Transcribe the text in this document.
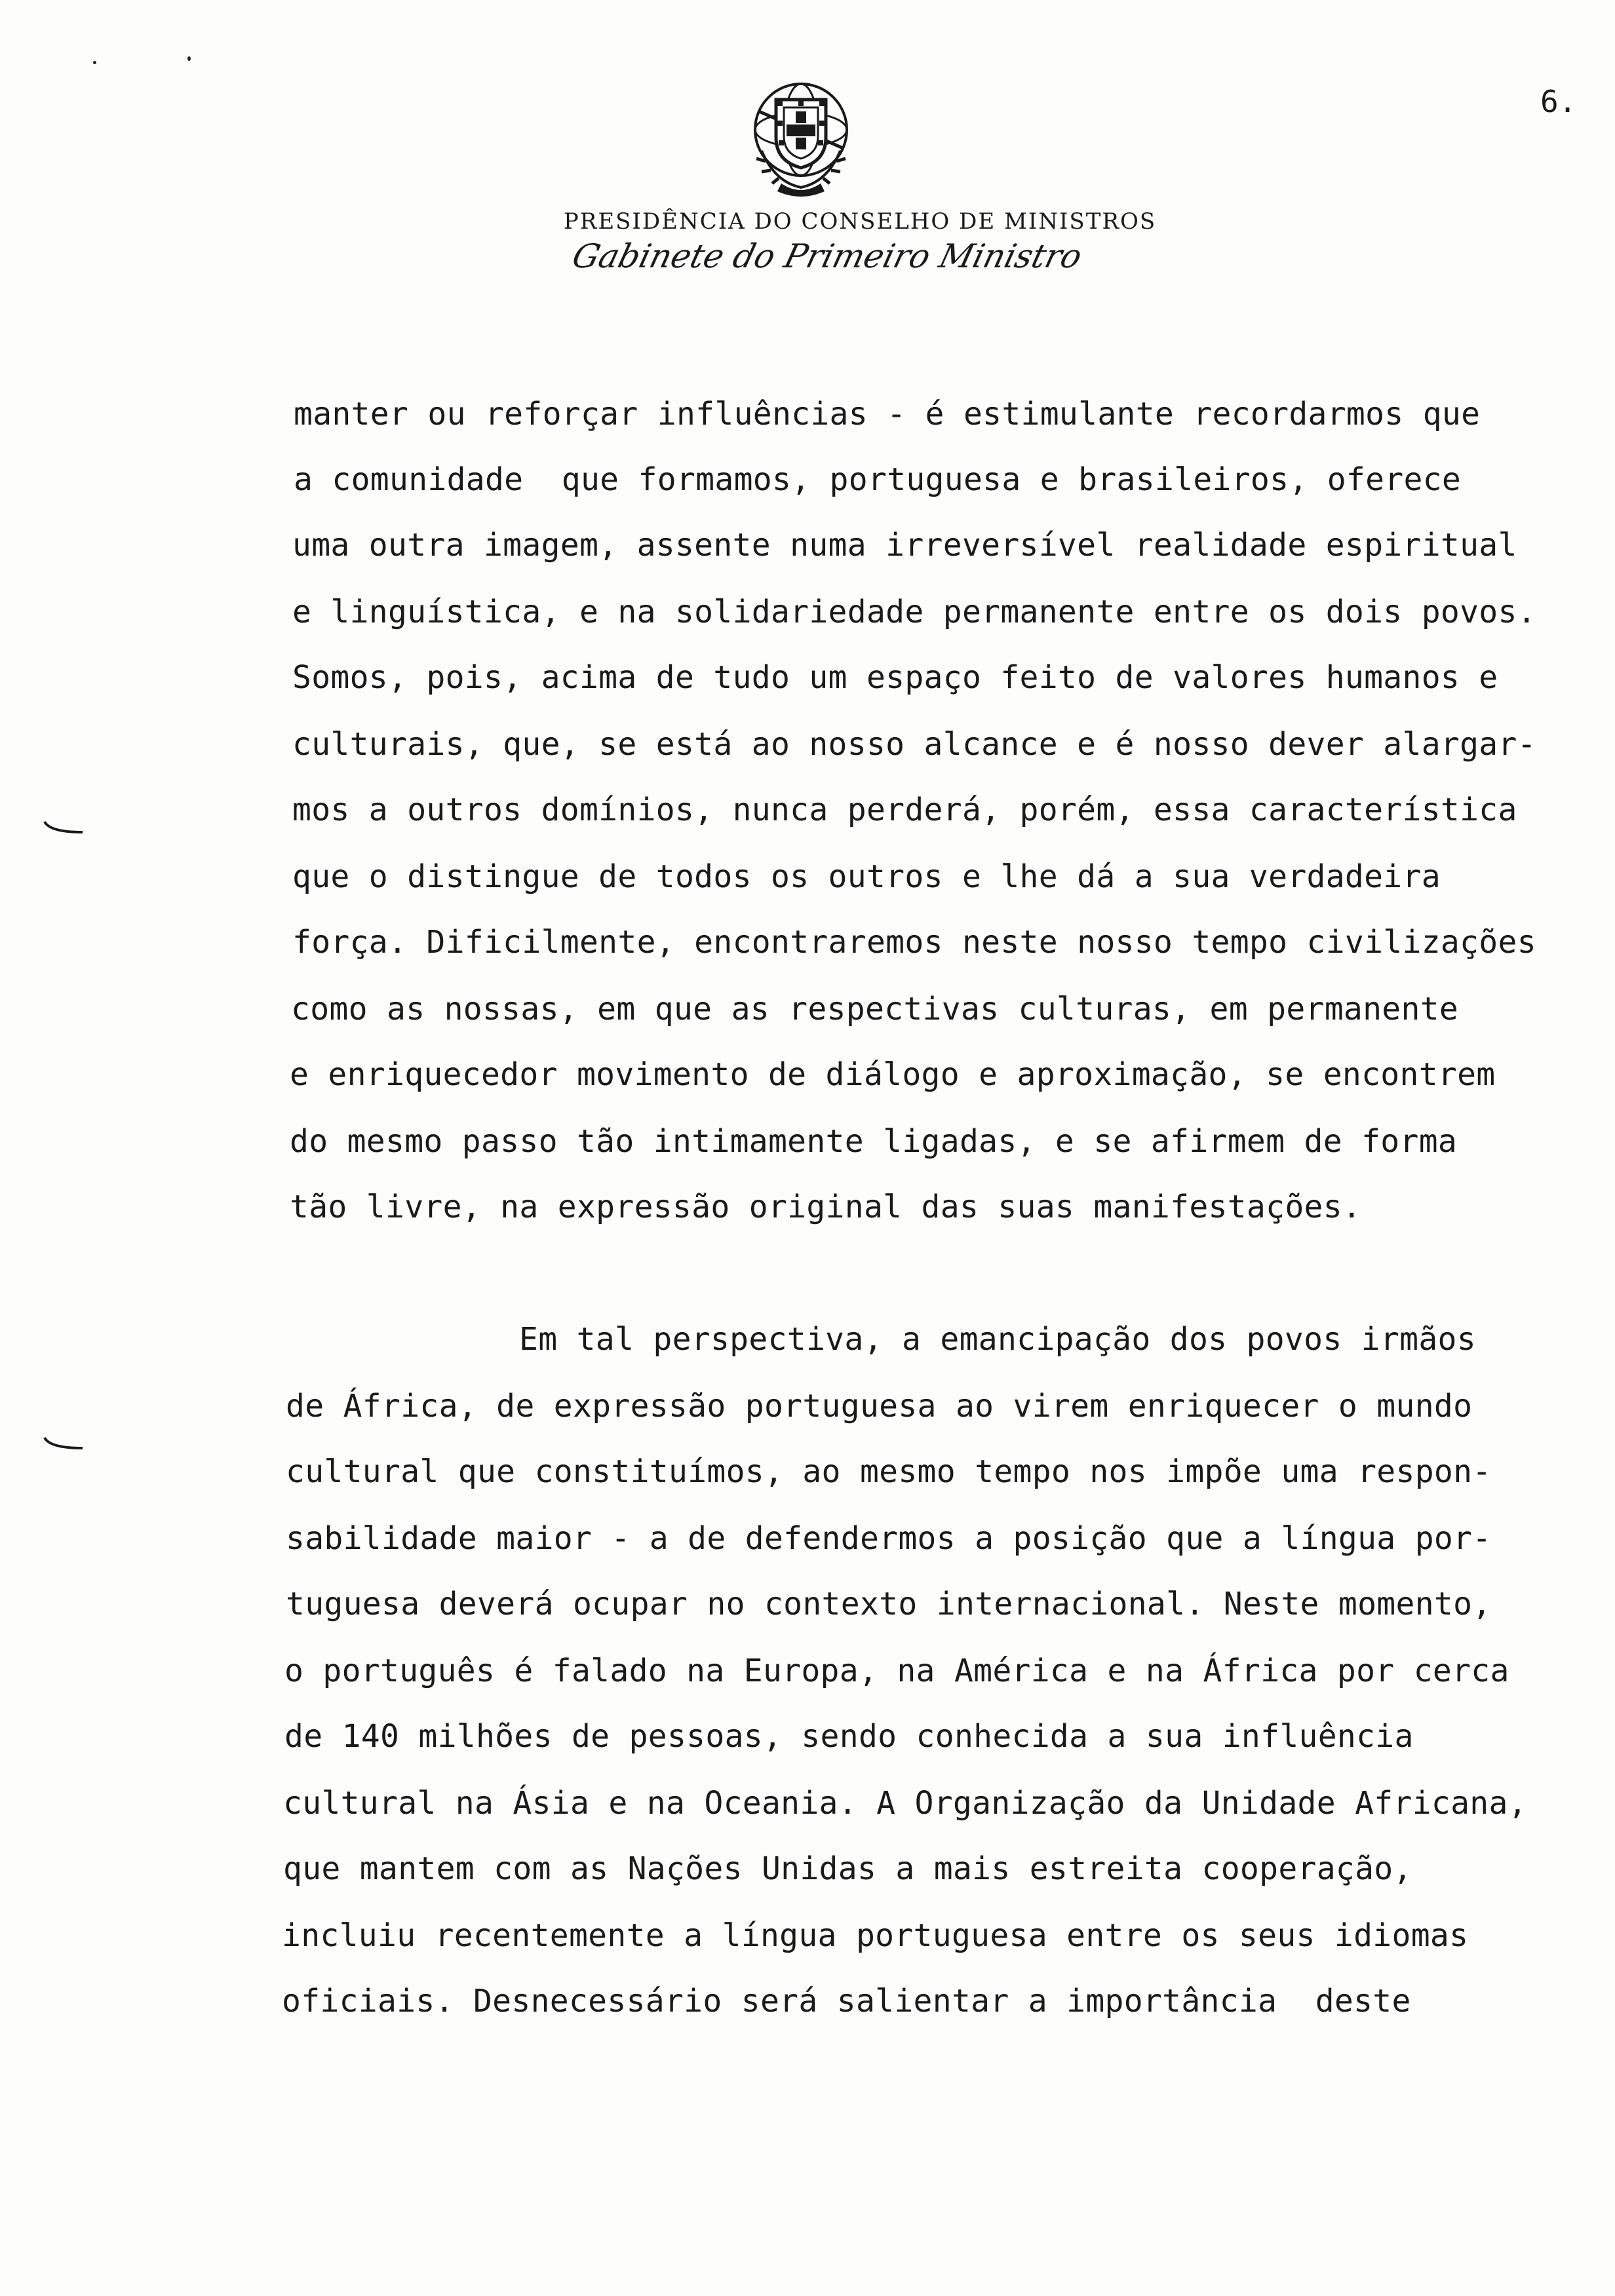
6.
PRESIDÊNCIA DO CONSELHO DE MINISTROS
Gabinete do Primeiro Ministro
manter ou reforçar influências - é estimulante recordarmos que
a comunidade  que formamos, portuguesa e brasileiros, oferece
uma outra imagem, assente numa irreversível realidade espiritual
e linguística, e na solidariedade permanente entre os dois povos.
Somos, pois, acima de tudo um espaço feito de valores humanos e
culturais, que, se está ao nosso alcance e é nosso dever alargar-
mos a outros domínios, nunca perderá, porém, essa característica
que o distingue de todos os outros e lhe dá a sua verdadeira
força. Dificilmente, encontraremos neste nosso tempo civilizações
como as nossas, em que as respectivas culturas, em permanente
e enriquecedor movimento de diálogo e aproximação, se encontrem
do mesmo passo tão intimamente ligadas, e se afirmem de forma
tão livre, na expressão original das suas manifestações.
Em tal perspectiva, a emancipação dos povos irmãos
de África, de expressão portuguesa ao virem enriquecer o mundo
cultural que constituímos, ao mesmo tempo nos impõe uma respon-
sabilidade maior - a de defendermos a posição que a língua por-
tuguesa deverá ocupar no contexto internacional. Neste momento,
o português é falado na Europa, na América e na África por cerca
de 140 milhões de pessoas, sendo conhecida a sua influência
cultural na Ásia e na Oceania. A Organização da Unidade Africana,
que mantem com as Nações Unidas a mais estreita cooperação,
incluiu recentemente a língua portuguesa entre os seus idiomas
oficiais. Desnecessário será salientar a importância  deste
